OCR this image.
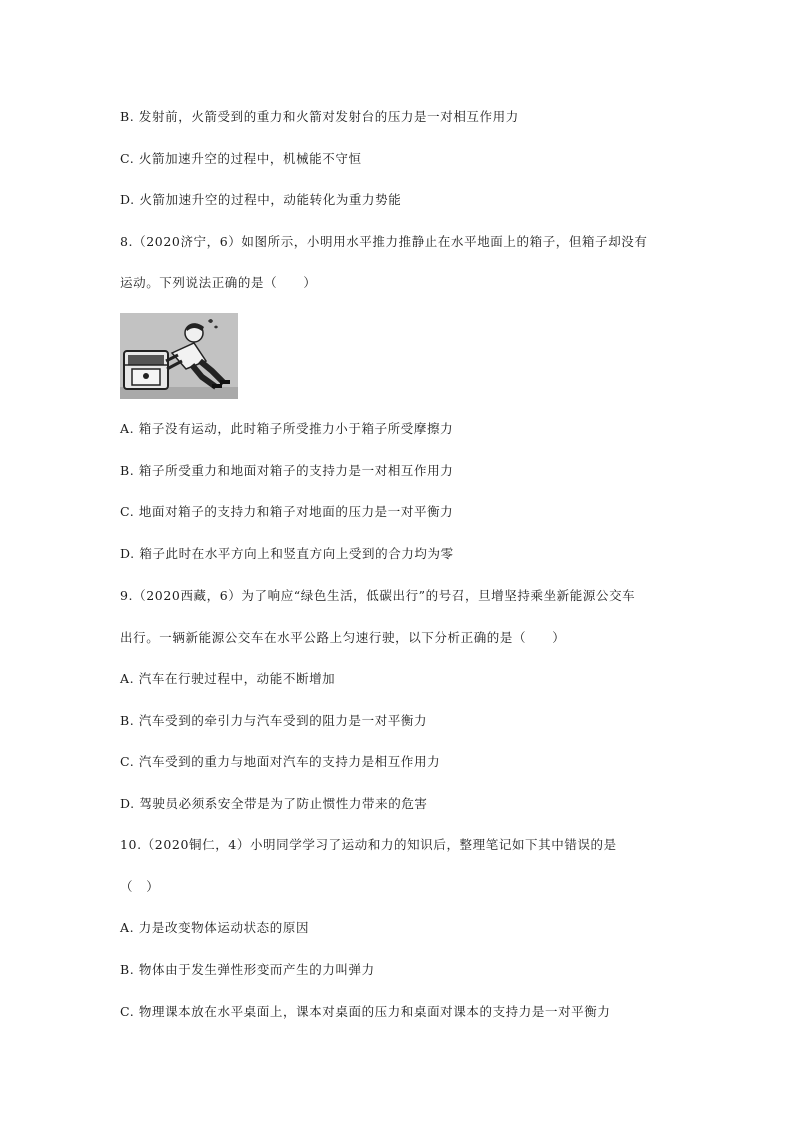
B. 发射前，火箭受到的重力和火箭对发射台的压力是一对相互作用力
C. 火箭加速升空的过程中，机械能不守恒
D. 火箭加速升空的过程中，动能转化为重力势能
8.（2020济宁，6）如图所示，小明用水平推力推静止在水平地面上的箱子，但箱子却没有
运动。下列说法正确的是（　　）
A. 箱子没有运动，此时箱子所受推力小于箱子所受摩擦力
B. 箱子所受重力和地面对箱子的支持力是一对相互作用力
C. 地面对箱子的支持力和箱子对地面的压力是一对平衡力
D. 箱子此时在水平方向上和竖直方向上受到的合力均为零
9.（2020西藏，6）为了响应“绿色生活，低碳出行”的号召，旦增坚持乘坐新能源公交车
出行。一辆新能源公交车在水平公路上匀速行驶，以下分析正确的是（　　）
A. 汽车在行驶过程中，动能不断增加
B. 汽车受到的牵引力与汽车受到的阻力是一对平衡力
C. 汽车受到的重力与地面对汽车的支持力是相互作用力
D. 驾驶员必须系安全带是为了防止惯性力带来的危害
10.（2020铜仁，4）小明同学学习了运动和力的知识后，整理笔记如下其中错误的是
（　）
A. 力是改变物体运动状态的原因
B. 物体由于发生弹性形变而产生的力叫弹力
C. 物理课本放在水平桌面上，课本对桌面的压力和桌面对课本的支持力是一对平衡力
